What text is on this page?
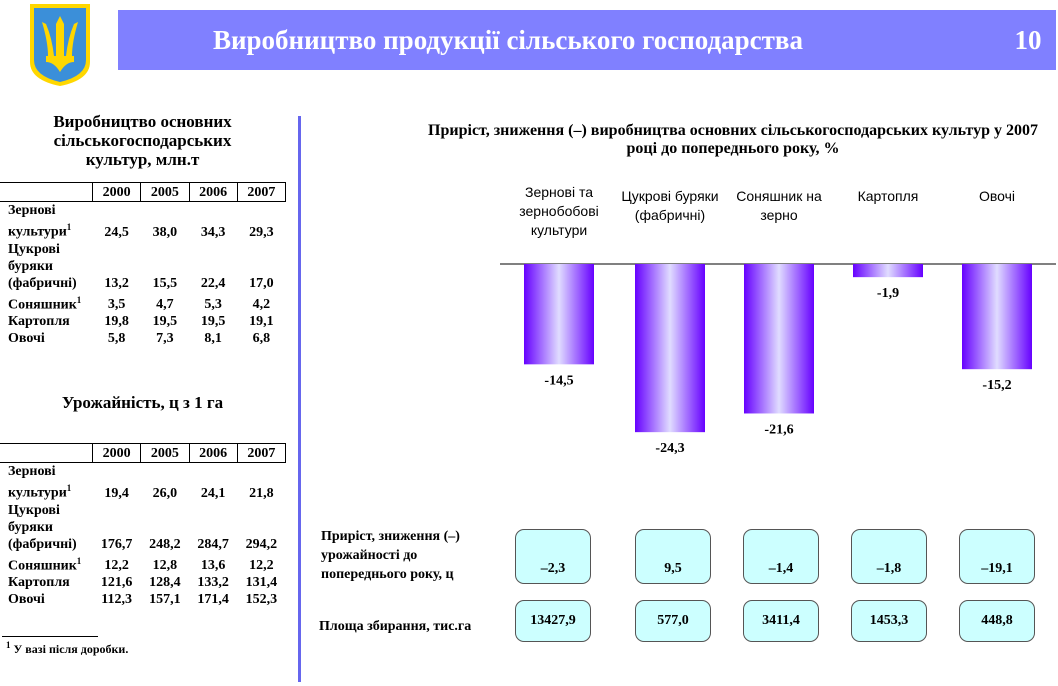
Виробництво продукції сільського господарства	10
Виробництво основних сільськогосподарських культур, млн.т
	2000	2005	2006	2007
Зернові культури$^1$	24,5	38,0	34,3	29,3
Цукрові буряки (фабричні)	13,2	15,5	22,4	17,0
Соняшник$^1$	3,5	4,7	5,3	4,2
Картопля	19,8	19,5	19,5	19,1
Овочі	5,8	7,3	8,1	6,8
Урожайність, ц з 1 га
	2000	2005	2006	2007
Зернові культури$^1$	19,4	26,0	24,1	21,8
Цукрові буряки (фабричні)	176,7	248,2	284,7	294,2
Соняшник$^1$	12,2	12,8	13,6	12,2
Картопля	121,6	128,4	133,2	131,4
Овочі	112,3	157,1	171,4	152,3
$^1$ У вазі після доробки.
Приріст, зниження (–) виробництва основних сільськогосподарських культур у 2007 році до попереднього року, %
Зернові та зернобобові культури
Цукрові буряки (фабричні)
Соняшник на зерно
Картопля	Овочі
-14,5
-24,3
-21,6
-1,9
-15,2
Приріст, зниження (–) урожайності до попереднього року, ц
Площа збирання, тис.га
–2,3	9,5	–1,4	–1,8	–19,1
13427,9	577,0	3411,4	1453,3	448,8
